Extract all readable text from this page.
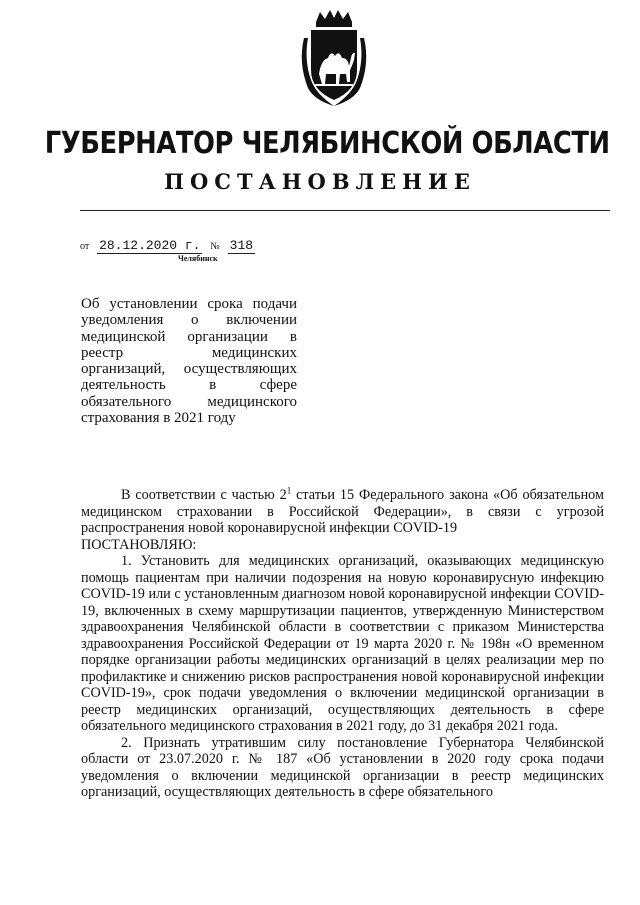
ГУБЕРНАТОР ЧЕЛЯБИНСКОЙ ОБЛАСТИ
ПОСТАНОВЛЕНИЕ
от 28.12.2020 г. № 318
Челябинск
Об установлении срока подачи уведомления о включении медицинской организации в реестр медицинских организаций, осуществляющих деятельность в сфере обязательного медицинского страхования в 2021 году

В соответствии с частью $2^1$ статьи 15 Федерального закона «Об обязательном медицинском страховании в Российской Федерации», в связи с угрозой распространения новой коронавирусной инфекции COVID-19

ПОСТАНОВЛЯЮ:

1. Установить для медицинских организаций, оказывающих медицинскую помощь пациентам при наличии подозрения на новую коронавирусную инфекцию COVID-19 или с установленным диагнозом новой коронавирусной инфекции COVID-19, включенных в схему маршрутизации пациентов, утвержденную Министерством здравоохранения Челябинской области в соответствии с приказом Министерства здравоохранения Российской Федерации от 19 марта 2020 г. № 198н «О временном порядке организации работы медицинских организаций в целях реализации мер по профилактике и снижению рисков распространения новой коронавирусной инфекции COVID-19», срок подачи уведомления о включении медицинской организации в реестр медицинских организаций, осуществляющих деятельность в сфере обязательного медицинского страхования в 2021 году, до 31 декабря 2021 года.

2. Признать утратившим силу постановление Губернатора Челябинской области от 23.07.2020 г. № 187 «Об установлении в 2020 году срока подачи уведомления о включении медицинской организации в реестр медицинских организаций, осуществляющих деятельность в сфере обязательного
